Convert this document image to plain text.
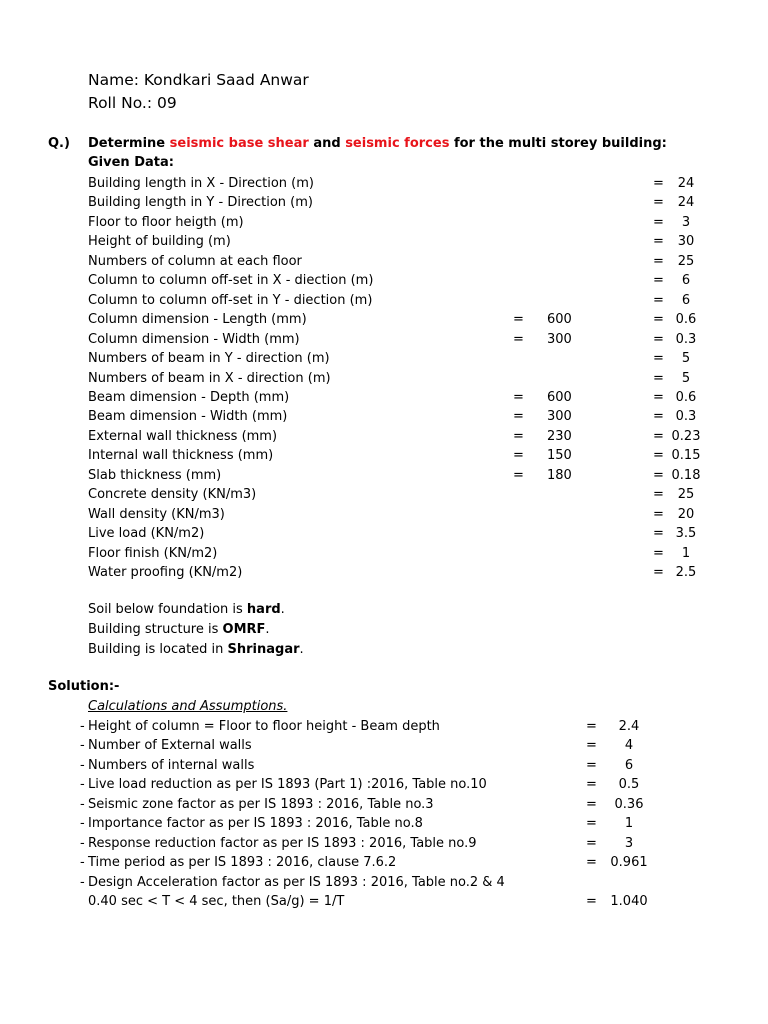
Name: Kondkari Saad Anwar
Roll No.: 09
Q.) Determine seismic base shear and seismic forces for the multi storey building:
Given Data:
Building length in X - Direction (m)	=	24
Building length in Y - Direction (m)	=	24
Floor to floor heigth (m)	=	3
Height of building (m)	=	30
Numbers of column at each floor	=	25
Column to column off-set in X - diection (m)	=	6
Column to column off-set in Y - diection (m)	=	6
Column dimension - Length (mm)	= 600	= 0.6
Column dimension - Width (mm)	= 300	= 0.3
Numbers of beam in Y - direction (m)	=	5
Numbers of beam in X - direction (m)	=	5
Beam dimension - Depth (mm)	= 600	= 0.6
Beam dimension - Width (mm)	= 300	= 0.3
External wall thickness (mm)	= 230	= 0.23
Internal wall thickness (mm)	= 150	= 0.15
Slab thickness (mm)	= 180	= 0.18
Concrete density (KN/m3)	=	25
Wall density (KN/m3)	=	20
Live load (KN/m2)	= 3.5
Floor finish (KN/m2)	=	1
Water proofing (KN/m2)	= 2.5
Soil below foundation is hard.
Building structure is OMRF.
Building is located in Shrinagar.
Solution:-
Calculations and Assumptions.
- Height of column = Floor to floor height - Beam depth	=	2.4
- Number of External walls	=	4
- Numbers of internal walls	=	6
- Live load reduction as per IS 1893 (Part 1) :2016, Table no.10	=	0.5
- Seismic zone factor as per IS 1893 : 2016, Table no.3	=	0.36
- Importance factor as per IS 1893 : 2016, Table no.8	=	1
- Response reduction factor as per IS 1893 : 2016, Table no.9	=	3
- Time period as per IS 1893 : 2016, clause 7.6.2	=	0.961
- Design Acceleration factor as per IS 1893 : 2016, Table no.2 & 4
0.40 sec < T < 4 sec, then (Sa/g) = 1/T	=	1.040
